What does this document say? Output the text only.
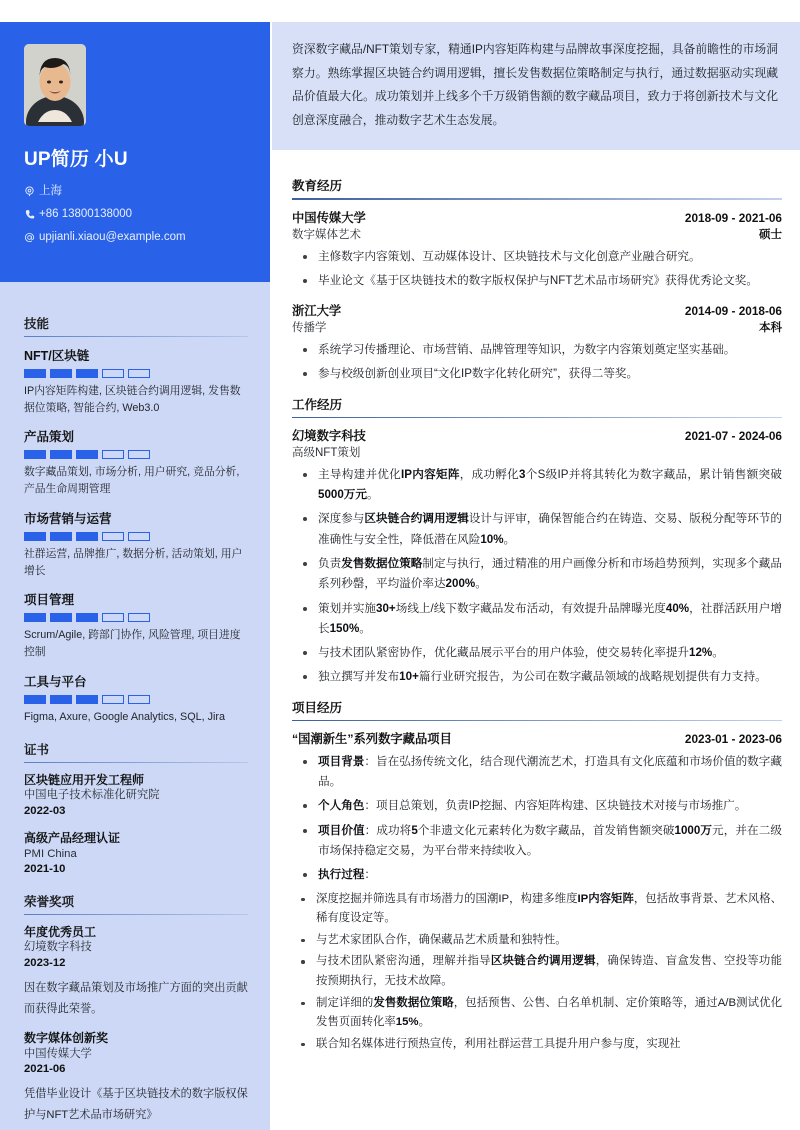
UP简历 小U
上海
+86 13800138000
upjianli.xiaou@example.com
技能
NFT/区块链
IP内容矩阵构建, 区块链合约调用逻辑, 发售数据位策略, 智能合约, Web3.0
产品策划
数字藏品策划, 市场分析, 用户研究, 竞品分析, 产品生命周期管理
市场营销与运营
社群运营, 品牌推广, 数据分析, 活动策划, 用户增长
项目管理
Scrum/Agile, 跨部门协作, 风险管理, 项目进度控制
工具与平台
Figma, Axure, Google Analytics, SQL, Jira
证书
区块链应用开发工程师
中国电子技术标准化研究院
2022-03
高级产品经理认证
PMI China
2021-10
荣誉奖项
年度优秀员工
幻境数字科技
2023-12
因在数字藏品策划及市场推广方面的突出贡献而获得此荣誉。
数字媒体创新奖
中国传媒大学
2021-06
凭借毕业设计《基于区块链技术的数字版权保护与NFT艺术品市场研究》
资深数字藏品/NFT策划专家，精通IP内容矩阵构建与品牌故事深度挖掘，具备前瞻性的市场洞察力。熟练掌握区块链合约调用逻辑，擅长发售数据位策略制定与执行，通过数据驱动实现藏品价值最大化。成功策划并上线多个千万级销售额的数字藏品项目，致力于将创新技术与文化创意深度融合，推动数字艺术生态发展。
教育经历
中国传媒大学	2018-09 - 2021-06
数字媒体艺术	硕士
主修数字内容策划、互动媒体设计、区块链技术与文化创意产业融合研究。
毕业论文《基于区块链技术的数字版权保护与NFT艺术品市场研究》获得优秀论文奖。
浙江大学	2014-09 - 2018-06
传播学	本科
系统学习传播理论、市场营销、品牌管理等知识，为数字内容策划奠定坚实基础。
参与校级创新创业项目“文化IP数字化转化研究”，获得二等奖。
工作经历
幻境数字科技	2021-07 - 2024-06
高级NFT策划
主导构建并优化IP内容矩阵，成功孵化3个S级IP并将其转化为数字藏品，累计销售额突破5000万元。
深度参与区块链合约调用逻辑设计与评审，确保智能合约在铸造、交易、版税分配等环节的准确性与安全性，降低潜在风险10%。
负责发售数据位策略制定与执行，通过精准的用户画像分析和市场趋势预判，实现多个藏品系列秒罄，平均溢价率达200%。
策划并实施30+场线上/线下数字藏品发布活动，有效提升品牌曝光度40%，社群活跃用户增长150%。
与技术团队紧密协作，优化藏品展示平台的用户体验，使交易转化率提升12%。
独立撰写并发布10+篇行业研究报告，为公司在数字藏品领域的战略规划提供有力支持。
项目经历
“国潮新生”系列数字藏品项目	2023-01 - 2023-06
项目背景：旨在弘扬传统文化，结合现代潮流艺术，打造具有文化底蕴和市场价值的数字藏品。
个人角色：项目总策划，负责IP挖掘、内容矩阵构建、区块链技术对接与市场推广。
项目价值：成功将5个非遗文化元素转化为数字藏品，首发销售额突破1000万元，并在二级市场保持稳定交易，为平台带来持续收入。
执行过程：
深度挖掘并筛选具有市场潜力的国潮IP，构建多维度IP内容矩阵，包括故事背景、艺术风格、稀有度设定等。
与艺术家团队合作，确保藏品艺术质量和独特性。
与技术团队紧密沟通，理解并指导区块链合约调用逻辑，确保铸造、盲盒发售、空投等功能按预期执行，无技术故障。
制定详细的发售数据位策略，包括预售、公售、白名单机制、定价策略等，通过A/B测试优化发售页面转化率15%。
联合知名媒体进行预热宣传，利用社群运营工具提升用户参与度，实现社
